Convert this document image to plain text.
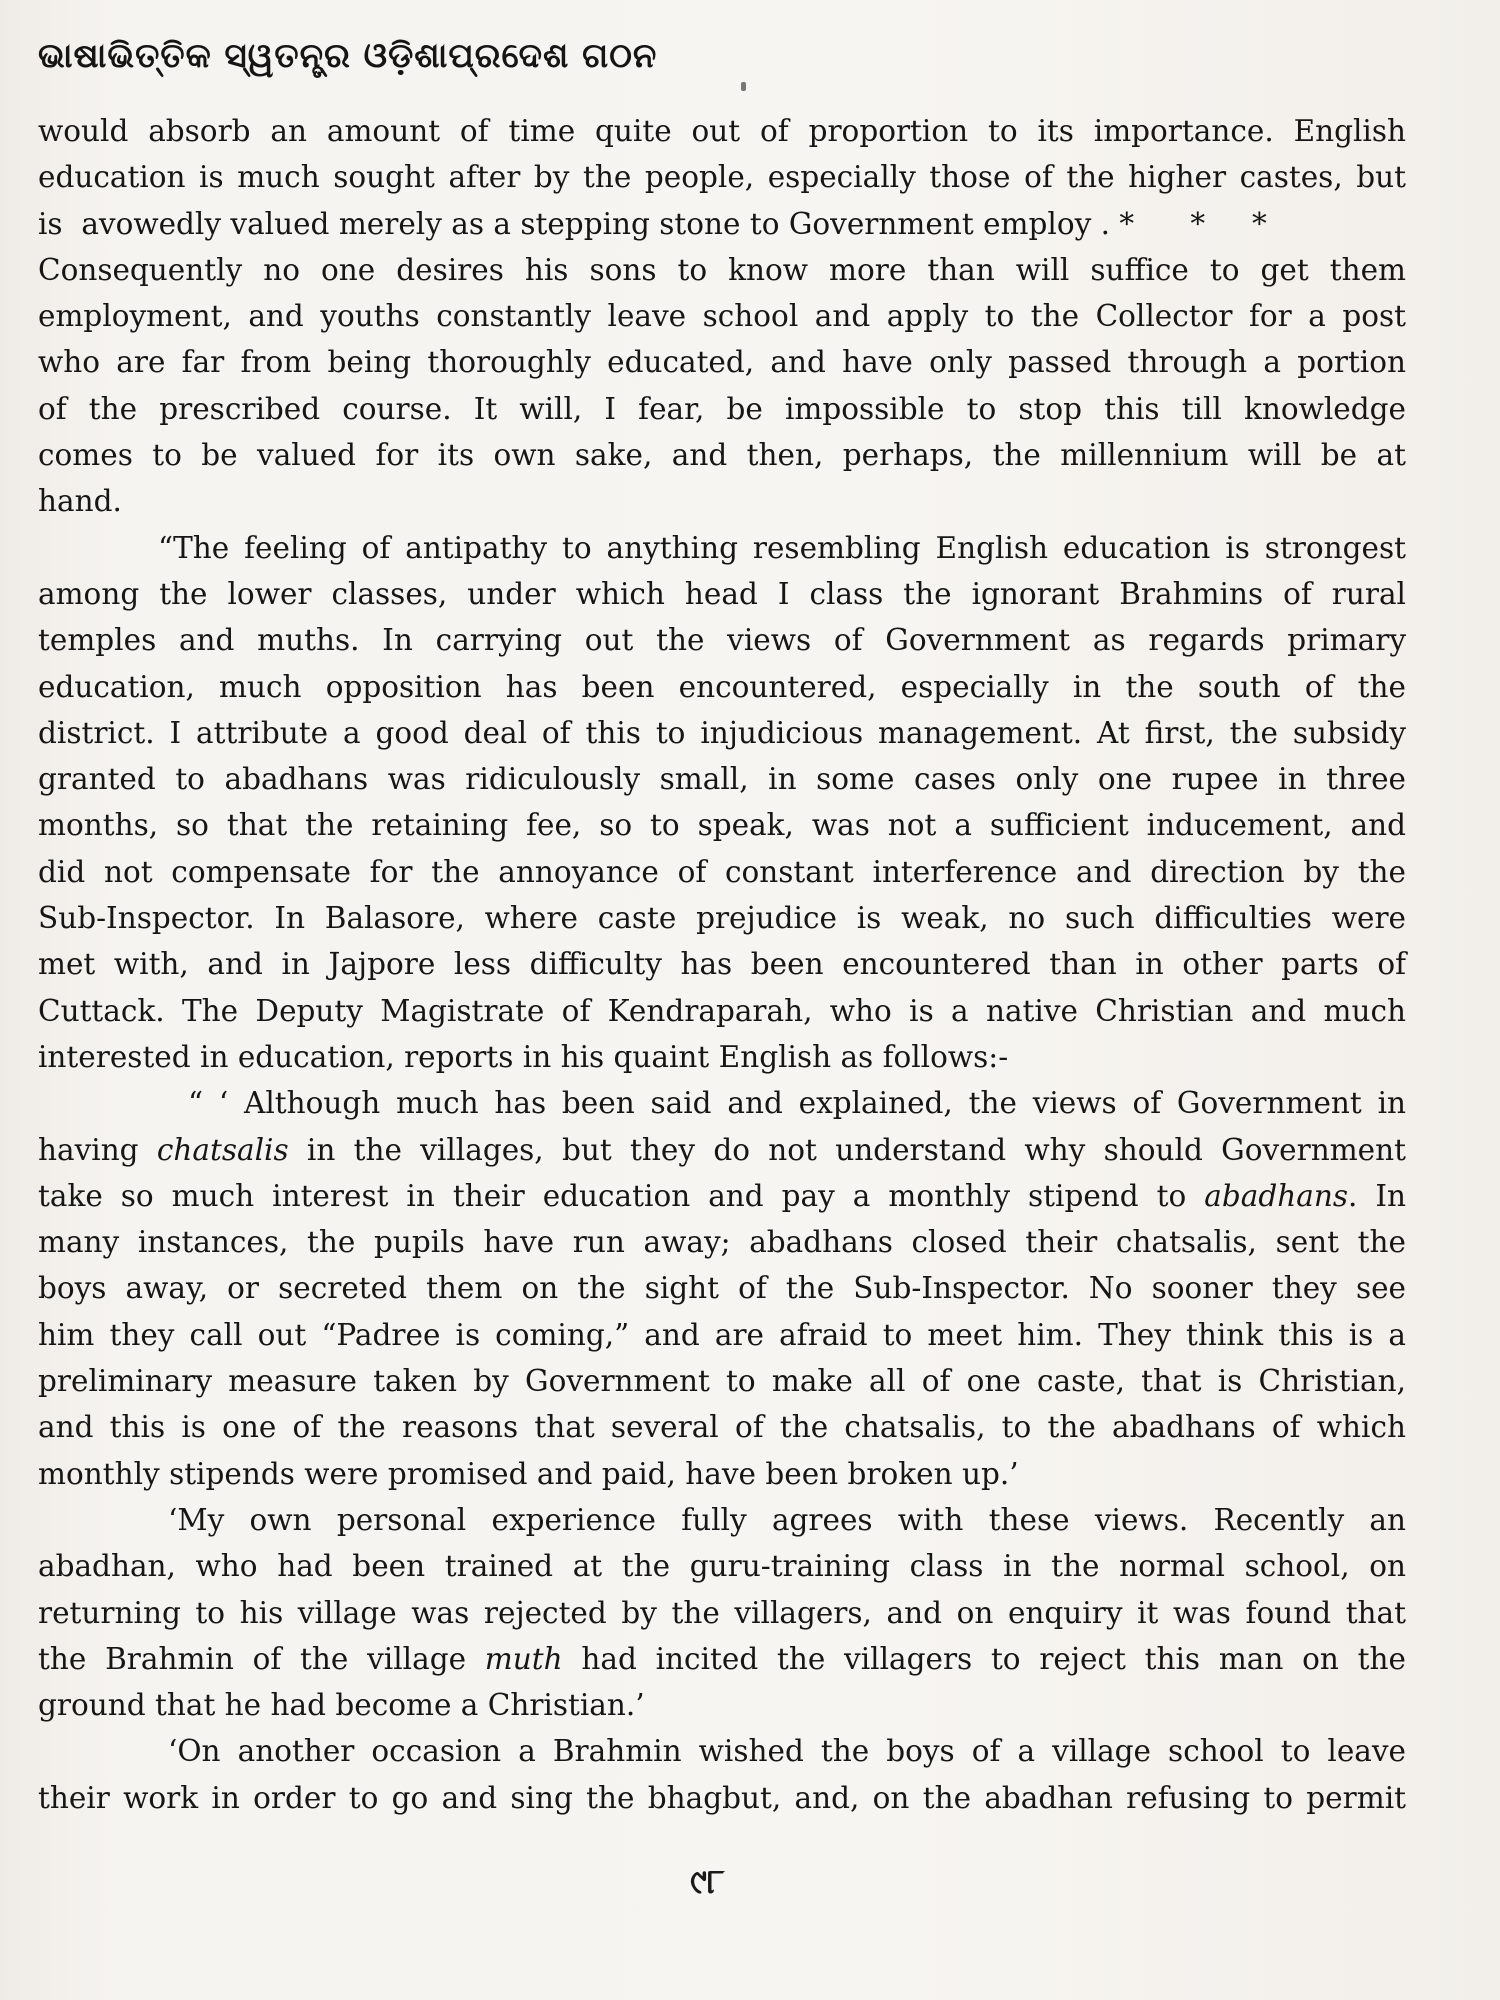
ଭାଷାଭିତ୍ତିକ ସ୍ୱତନ୍ତ୍ର ଓଡ଼ିଶାପ୍ରଦେଶ ଗଠନ
would absorb an amount of time quite out of proportion to its importance. English
education is much sought after by the people, especially those of the higher castes, but
is  avowedly valued merely as a stepping stone to Government employ . *      *     *
Consequently no one desires his sons to know more than will suffice to get them
employment, and youths constantly leave school and apply to the Collector for a post
who are far from being thoroughly educated, and have only passed through a portion
of the prescribed course. It will, I fear, be impossible to stop this till knowledge
comes to be valued for its own sake, and then, perhaps, the millennium will be at
hand.
“The feeling of antipathy to anything resembling English education is strongest
among the lower classes, under which head I class the ignorant Brahmins of rural
temples and muths. In carrying out the views of Government as regards primary
education, much opposition has been encountered, especially in the south of the
district. I attribute a good deal of this to injudicious management. At first, the subsidy
granted to abadhans was ridiculously small, in some cases only one rupee in three
months, so that the retaining fee, so to speak, was not a sufficient inducement, and
did not compensate for the annoyance of constant interference and direction by the
Sub-Inspector. In Balasore, where caste prejudice is weak, no such difficulties were
met with, and in Jajpore less difficulty has been encountered than in other parts of
Cuttack. The Deputy Magistrate of Kendraparah, who is a native Christian and much
interested in education, reports in his quaint English as follows:-
“ ‘ Although much has been said and explained, the views of Government in
having chatsalis in the villages, but they do not understand why should Government
take so much interest in their education and pay a monthly stipend to abadhans. In
many instances, the pupils have run away; abadhans closed their chatsalis, sent the
boys away, or secreted them on the sight of the Sub-Inspector. No sooner they see
him they call out “Padree is coming,” and are afraid to meet him. They think this is a
preliminary measure taken by Government to make all of one caste, that is Christian,
and this is one of the reasons that several of the chatsalis, to the abadhans of which
monthly stipends were promised and paid, have been broken up.’
‘My own personal experience fully agrees with these views. Recently an
abadhan, who had been trained at the guru-training class in the normal school, on
returning to his village was rejected by the villagers, and on enquiry it was found that
the Brahmin of the village muth had incited the villagers to reject this man on the
ground that he had become a Christian.’
‘On another occasion a Brahmin wished the boys of a village school to leave
their work in order to go and sing the bhagbut, and, on the abadhan refusing to permit
୯୮
